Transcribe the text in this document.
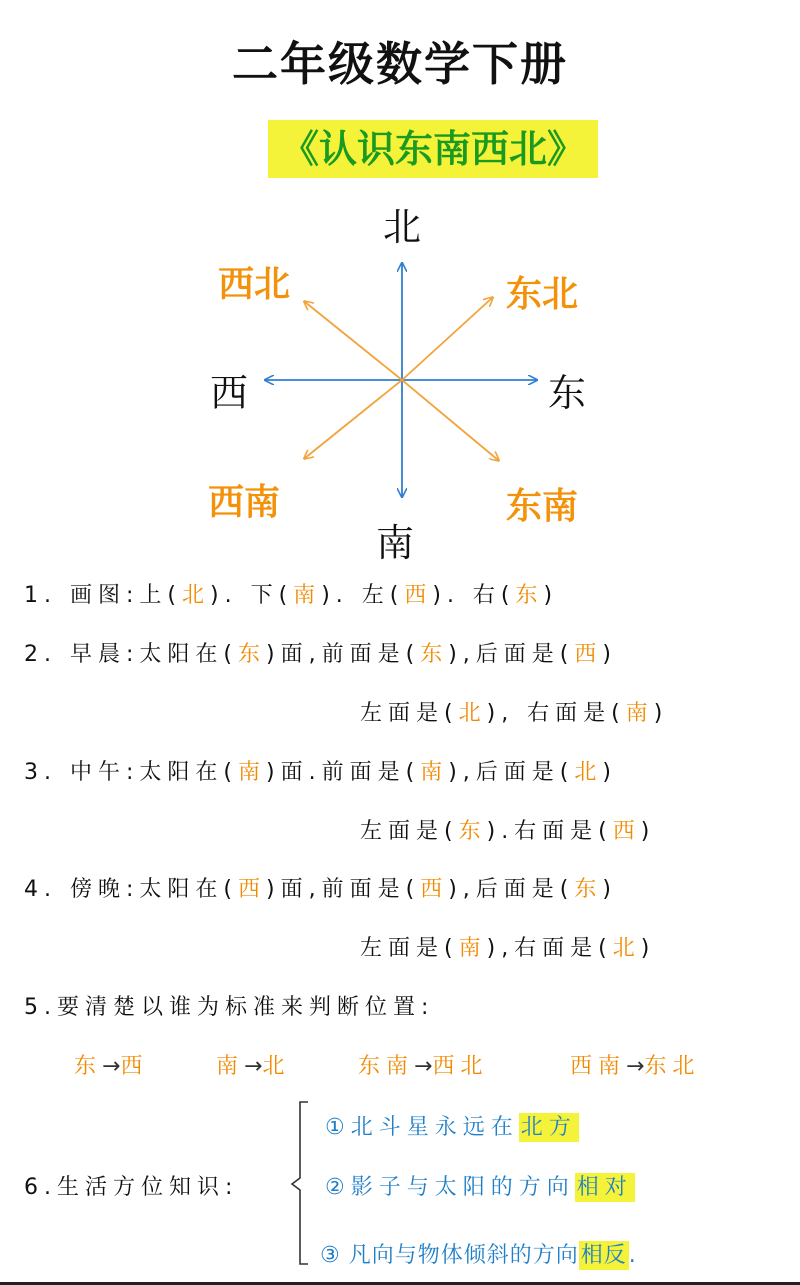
二年级数学下册
《认识东南西北》
北
南
东
西
西北	东北
西南	东南
1. 画图:上(北). 下(南). 左(西). 右(东)
2. 早晨:太阳在(东)面,前面是(东),后面是(西)
左面是(北), 右面是(南)
3. 中午:太阳在(南)面.前面是(南),后面是(北)
左面是(东).右面是(西)
4. 傍晚:太阳在(西)面,前面是(西),后面是(东)
左面是(南),右面是(北)
5.要清楚以谁为标准来判断位置:
东→西	南→北	东南→西北	西南→东北
6.生活方位知识:
①北斗星永远在北方
②影子与太阳的方向相对
③ 凡向与物体倾斜的方向相反.
